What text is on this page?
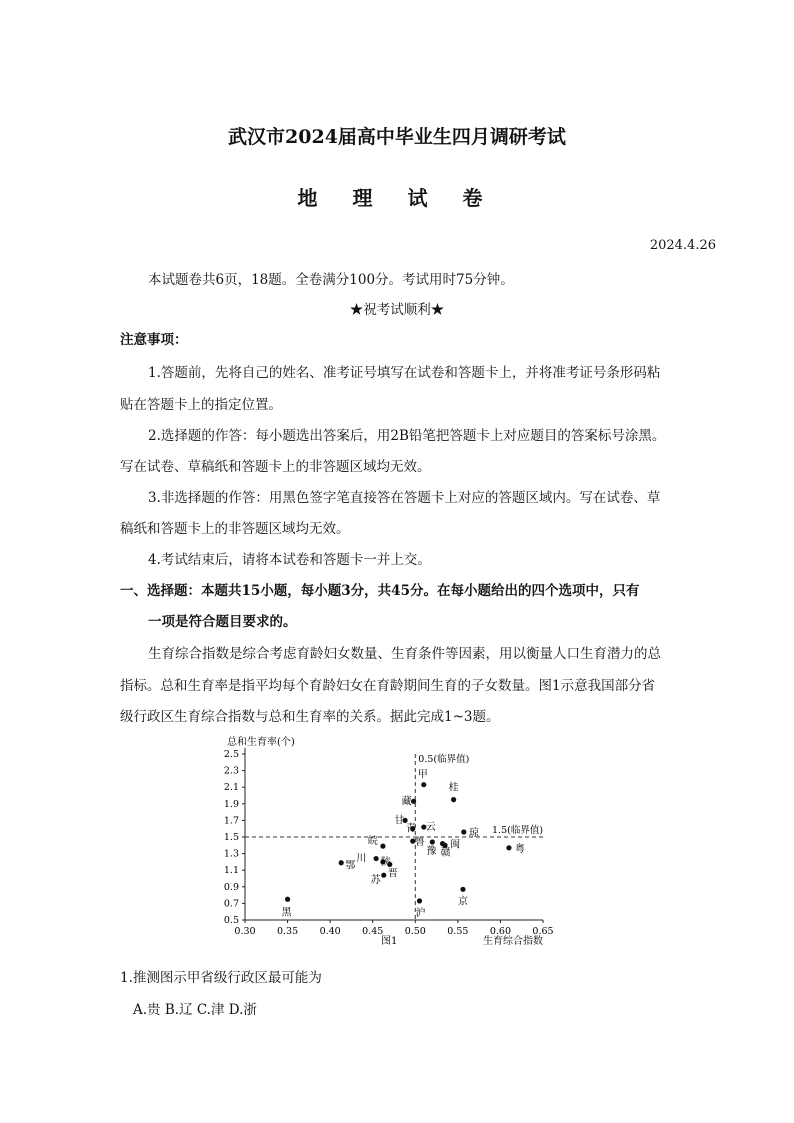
武汉市2024届高中毕业生四月调研考试
地 理 试 卷
2024.4.26
本试题卷共6页，18题。全卷满分100分。考试用时75分钟。
★祝考试顺利★
注意事项：
1.答题前，先将自己的姓名、准考证号填写在试卷和答题卡上，并将准考证号条形码粘
贴在答题卡上的指定位置。
2.选择题的作答：每小题选出答案后，用2B铅笔把答题卡上对应题目的答案标号涂黑。
写在试卷、草稿纸和答题卡上的非答题区域均无效。
3.非选择题的作答：用黑色签字笔直接答在答题卡上对应的答题区域内。写在试卷、草
稿纸和答题卡上的非答题区域均无效。
4.考试结束后，请将本试卷和答题卡一并上交。
一、选择题：本题共15小题，每小题3分，共45分。在每小题给出的四个选项中，只有
一项是符合题目要求的。
生育综合指数是综合考虑育龄妇女数量、生育条件等因素，用以衡量人口生育潜力的总
指标。总和生育率是指平均每个育龄妇女在育龄期间生育的子女数量。图1示意我国部分省
级行政区生育综合指数与总和生育率的关系。据此完成1~3题。
总和生育率(个)
生育综合指数
图1
0.30 0.35 0.40 0.45 0.50 0.55 0.60 0.65
0.5
0.7
0.9
1.1
1.3
1.5
1.7
1.9
2.1
2.3
2.5	0.5(临界值)
1.5(临界值)
甲
桂
藏
甘
青 云
琼
粤
皖	鲁	闽
豫 赣
川 陕
晋
苏
鄂
黑	沪
京
1.推测图示甲省级行政区最可能为
A.贵 B.辽 C.津 D.浙
